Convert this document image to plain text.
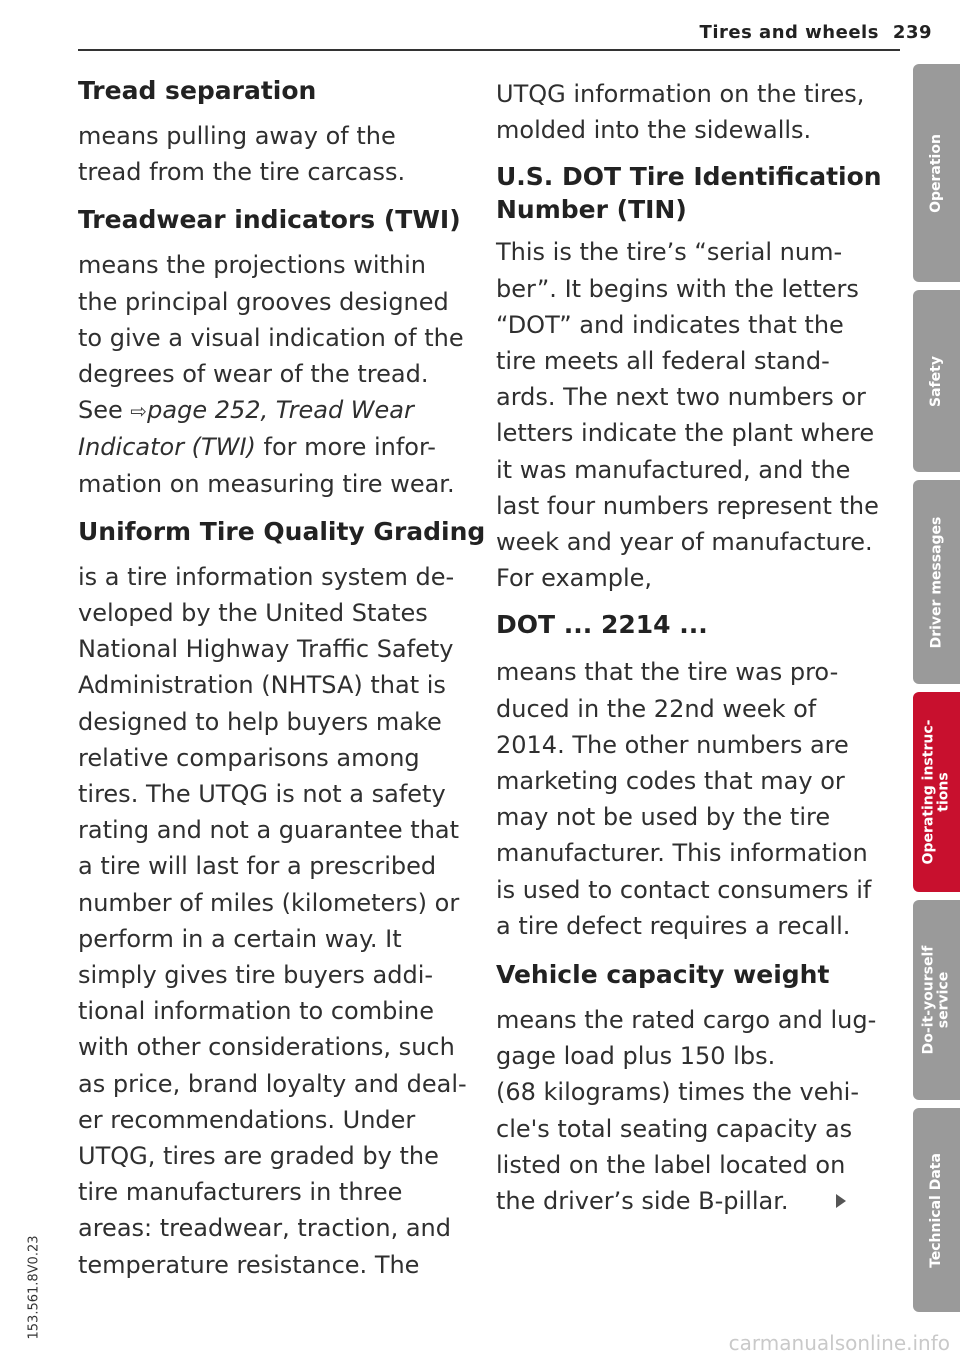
Tires and wheels 239
Tread separation
means pulling away of the
tread from the tire carcass.
Treadwear indicators (TWI)
means the projections within
the principal grooves designed
to give a visual indication of the
degrees of wear of the tread.
See ⇨page 252, Tread Wear
Indicator (TWI) for more infor-
mation on measuring tire wear.
Uniform Tire Quality Grading
is a tire information system de-
veloped by the United States
National Highway Traffic Safety
Administration (NHTSA) that is
designed to help buyers make
relative comparisons among
tires. The UTQG is not a safety
rating and not a guarantee that
a tire will last for a prescribed
number of miles (kilometers) or
perform in a certain way. It
simply gives tire buyers addi-
tional information to combine
with other considerations, such
as price, brand loyalty and deal-
er recommendations. Under
UTQG, tires are graded by the
tire manufacturers in three
areas: treadwear, traction, and
temperature resistance. The
UTQG information on the tires,
molded into the sidewalls.
U.S. DOT Tire Identification
Number (TIN)
This is the tire’s “serial num-
ber”. It begins with the letters
“DOT” and indicates that the
tire meets all federal stand-
ards. The next two numbers or
letters indicate the plant where
it was manufactured, and the
last four numbers represent the
week and year of manufacture.
For example,
DOT ... 2214 ...
means that the tire was pro-
duced in the 22nd week of
2014. The other numbers are
marketing codes that may or
may not be used by the tire
manufacturer. This information
is used to contact consumers if
a tire defect requires a recall.
Vehicle capacity weight
means the rated cargo and lug-
gage load plus 150 lbs.
(68 kilograms) times the vehi-
cle's total seating capacity as
listed on the label located on
the driver’s side B-pillar.
Operation
Safety
Driver messages
Operating instruc- tions
Do-it-yourself service
Technical Data
153.561.8V0.23
carmanualsonline.info
